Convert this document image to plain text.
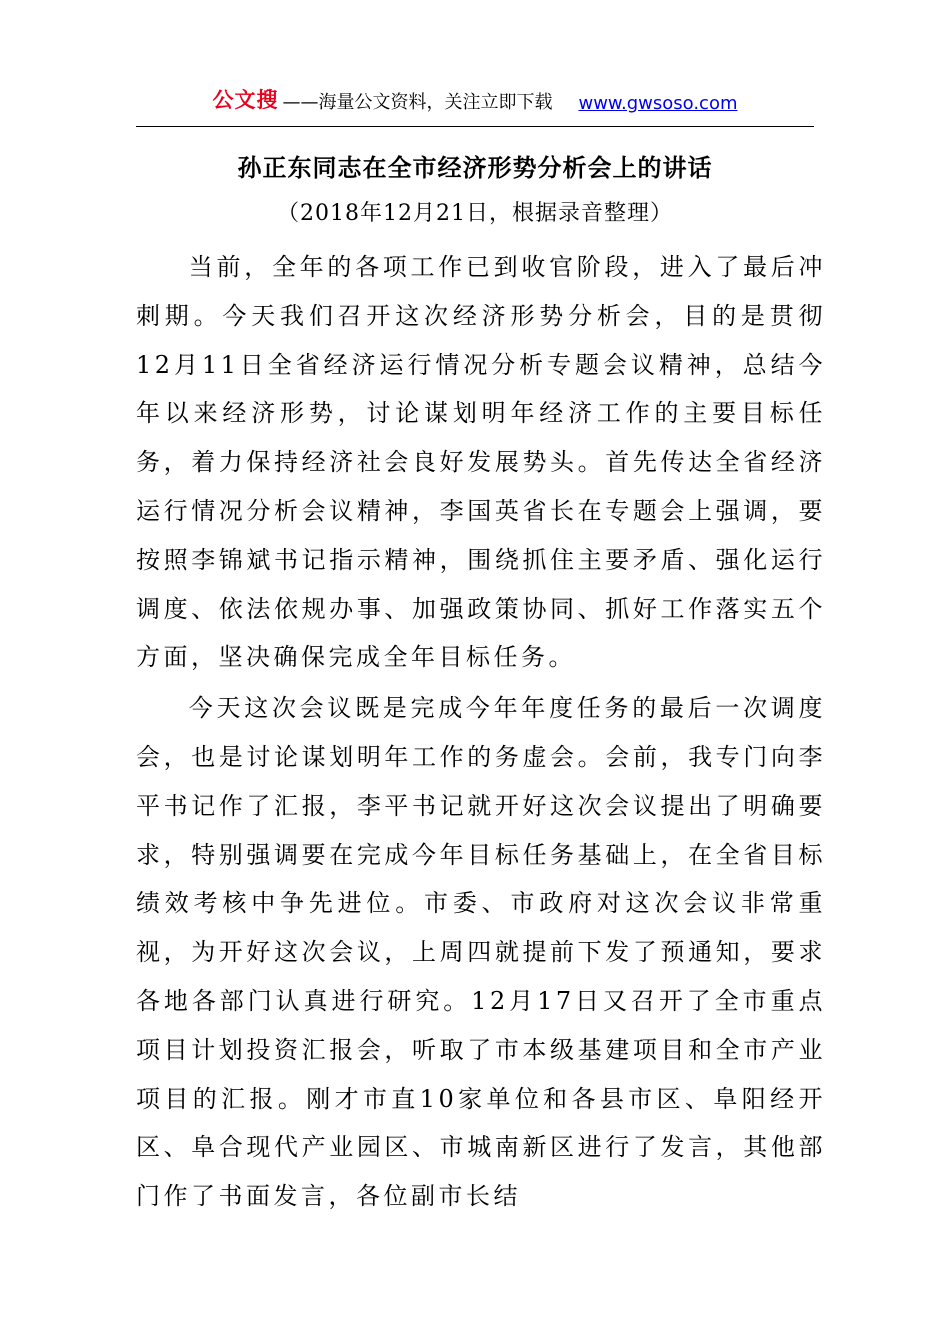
公文搜 ——海量公文资料，关注立即下载 www.gwsoso.com
孙正东同志在全市经济形势分析会上的讲话
（2018年12月21日，根据录音整理）

当前，全年的各项工作已到收官阶段，进入了最后冲刺期。今天我们召开这次经济形势分析会，目的是贯彻12月11日全省经济运行情况分析专题会议精神，总结今年以来经济形势，讨论谋划明年经济工作的主要目标任务，着力保持经济社会良好发展势头。首先传达全省经济运行情况分析会议精神，李国英省长在专题会上强调，要按照李锦斌书记指示精神，围绕抓住主要矛盾、强化运行调度、依法依规办事、加强政策协同、抓好工作落实五个方面，坚决确保完成全年目标任务。

今天这次会议既是完成今年年度任务的最后一次调度会，也是讨论谋划明年工作的务虚会。会前，我专门向李平书记作了汇报，李平书记就开好这次会议提出了明确要求，特别强调要在完成今年目标任务基础上，在全省目标绩效考核中争先进位。市委、市政府对这次会议非常重视，为开好这次会议，上周四就提前下发了预通知，要求各地各部门认真进行研究。12月17日又召开了全市重点项目计划投资汇报会，听取了市本级基建项目和全市产业项目的汇报。刚才市直10家单位和各县市区、阜阳经开区、阜合现代产业园区、市城南新区进行了发言，其他部门作了书面发言，各位副市长结
